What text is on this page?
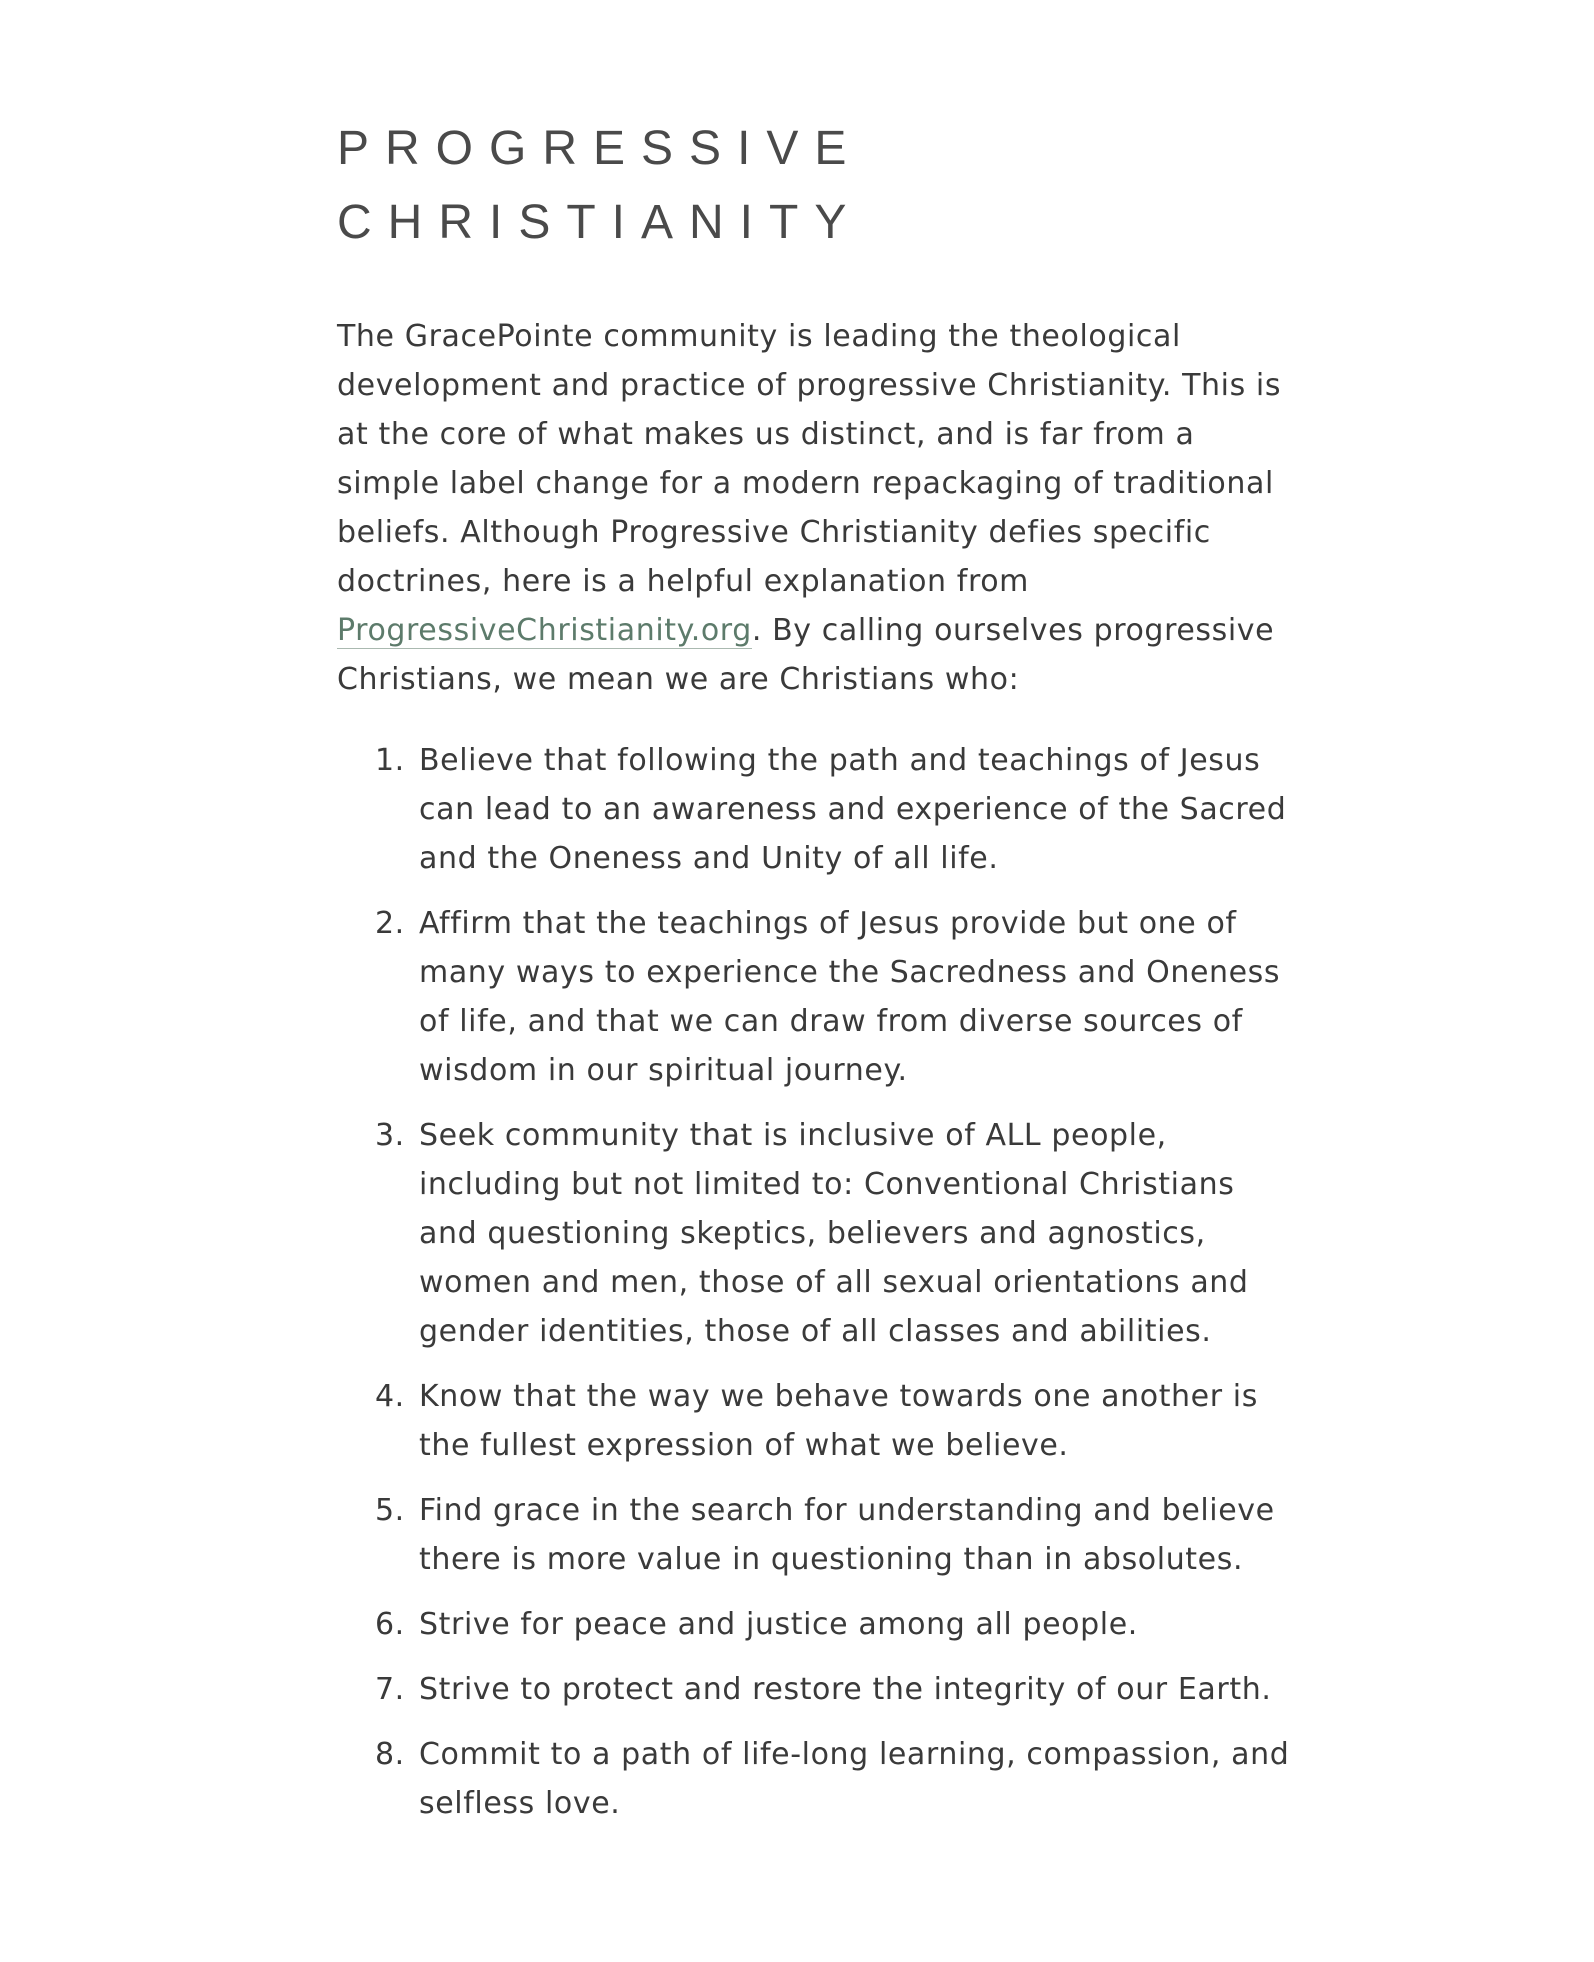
PROGRESSIVE
CHRISTIANITY

The GracePointe community is leading the theological development and practice of progressive Christianity. This is at the core of what makes us distinct, and is far from a simple label change for a modern repackaging of traditional beliefs. Although Progressive Christianity defies specific doctrines, here is a helpful explanation from ProgressiveChristianity.org. By calling ourselves progressive Christians, we mean we are Christians who:

1. Believe that following the path and teachings of Jesus can lead to an awareness and experience of the Sacred and the Oneness and Unity of all life.
2. Affirm that the teachings of Jesus provide but one of many ways to experience the Sacredness and Oneness of life, and that we can draw from diverse sources of wisdom in our spiritual journey.
3. Seek community that is inclusive of ALL people, including but not limited to: Conventional Christians and questioning skeptics, believers and agnostics, women and men, those of all sexual orientations and gender identities, those of all classes and abilities.
4. Know that the way we behave towards one another is the fullest expression of what we believe.
5. Find grace in the search for understanding and believe there is more value in questioning than in absolutes.
6. Strive for peace and justice among all people.
7. Strive to protect and restore the integrity of our Earth.
8. Commit to a path of life-long learning, compassion, and selfless love.
